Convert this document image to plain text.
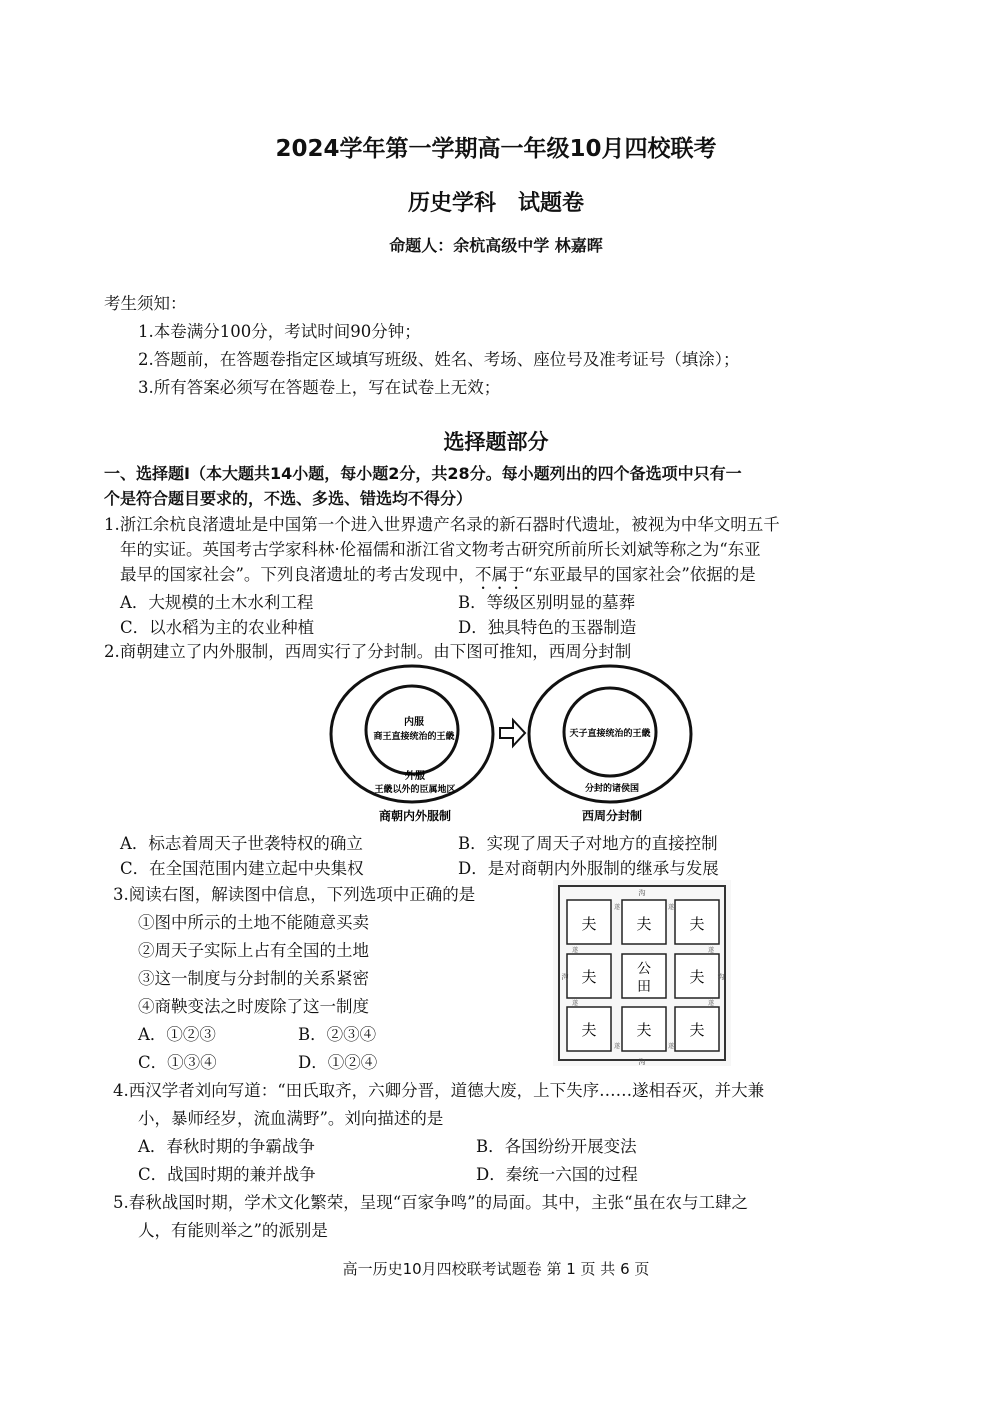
2024学年第一学期高一年级10月四校联考
历史学科　试题卷
命题人：余杭高级中学 林嘉晖
考生须知：
1.本卷满分100分，考试时间90分钟；
2.答题前，在答题卷指定区域填写班级、姓名、考场、座位号及准考证号（填涂）；
3.所有答案必须写在答题卷上，写在试卷上无效；
选择题部分
一、选择题Ⅰ（本大题共14小题，每小题2分，共28分。每小题列出的四个备选项中只有一
个是符合题目要求的，不选、多选、错选均不得分）
1.浙江余杭良渚遗址是中国第一个进入世界遗产名录的新石器时代遗址，被视为中华文明五千
年的实证。英国考古学家科林·伦福儒和浙江省文物考古研究所前所长刘斌等称之为“东亚
最早的国家社会”。下列良渚遗址的考古发现中，不属于“东亚最早的国家社会”依据的是
A．大规模的土木水利工程	B．等级区别明显的墓葬
C．以水稻为主的农业种植	D．独具特色的玉器制造
2.商朝建立了内外服制，西周实行了分封制。由下图可推知，西周分封制
内服
商王直接统治的王畿
外服
王畿以外的臣属地区
商朝内外服制
天子直接统治的王畿
分封的诸侯国
西周分封制
A．标志着周天子世袭特权的确立	B．实现了周天子对地方的直接控制
C．在全国范围内建立起中央集权	D．是对商朝内外服制的继承与发展
3.阅读右图，解读图中信息，下列选项中正确的是
①图中所示的土地不能随意买卖
②周天子实际上占有全国的土地
③这一制度与分封制的关系紧密
④商鞅变法之时废除了这一制度
A．①②③	B．②③④
C．①③④	D．①②④
夫	夫	夫
夫	公
田
夫
夫	夫	夫
沟
沟
沟	沟
遂	遂
遂	遂
遂	遂
遂	遂
4.西汉学者刘向写道：“田氏取齐，六卿分晋，道德大废，上下失序……遂相吞灭，并大兼
小，暴师经岁，流血满野”。刘向描述的是
A．春秋时期的争霸战争	B．各国纷纷开展变法
C．战国时期的兼并战争	D．秦统一六国的过程
5.春秋战国时期，学术文化繁荣，呈现“百家争鸣”的局面。其中，主张“虽在农与工肆之
人，有能则举之”的派别是
高一历史10月四校联考试题卷 第 1 页 共 6 页
